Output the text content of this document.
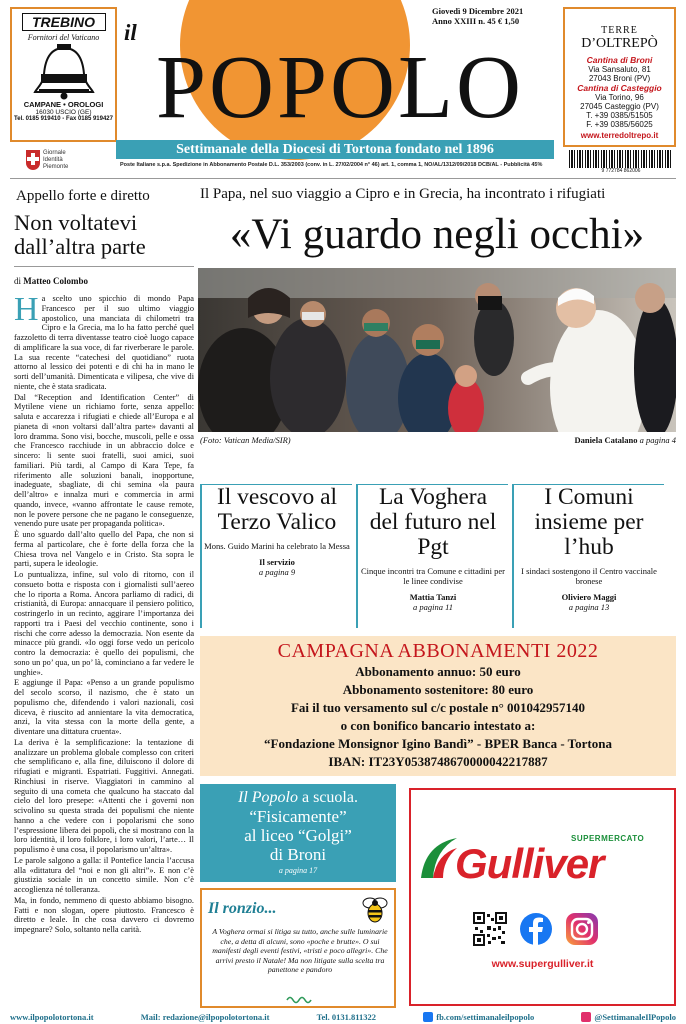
TREBINO
Fornitori del Vaticano
CAMPANE • OROLOGI
16030 USCIO (GE)
Tel. 0185 919410 - Fax 0185 919427
Giornale
Identità
Piemonte
il
POPOLO
Giovedì 9 Dicembre 2021
Anno XXIII n. 45 € 1,50
Settimanale della Diocesi di Tortona fondato nel 1896
Poste Italiane s.p.a. Spedizione in Abbonamento Postale D.L. 353/2003 (conv. in L. 27/02/2004 n° 46) art. 1, comma 1, NO/AL/1312/09/2018 DCB/AL - Pubblicità 45%
TERRE
D’OLTREPÒ
Cantina di Broni
Via Sansaluto, 81
27043 Broni (PV)
Cantina di Casteggio
Via Torino, 96
27045 Casteggio (PV)
T. +39 0385/51505
F. +39 0385/56025
www.terredoltrepo.it
9 772784 862006
Appello forte e diretto
Non voltatevi dall’altra parte
di Matteo Colombo
H a scelto uno spicchio di mondo Papa Francesco per il suo ultimo viaggio apostolico, una manciata di chilometri tra Cipro e la Grecia, ma lo ha fatto perché quel fazzoletto di terra diventasse teatro cioè luogo capace di amplificare la sua voce, di far riverberare le parole. La sua recente “catechesi del quotidiano” ruota attorno al lessico dei potenti e di chi ha in mano le sorti dell’umanità. Dimenticata e vilipesa, che vive di niente, che è stata sradicata.

Dal “Reception and Identification Center” di Mytilene viene un richiamo forte, senza appello: saluta e accarezza i rifugiati e chiede all’Europa e al pianeta di «non voltarsi dall’altra parte» davanti al loro dramma. Sono visi, bocche, muscoli, pelle e ossa che Francesco racchiude in un abbraccio dolce e sincero: li sente suoi fratelli, suoi amici, suoi familiari. Più tardi, al Campo di Kara Tepe, fa riferimento alle soluzioni banali, inopportune, inadeguate, sbagliate, di chi semina «la paura dell’altro» e innalza muri e commercia in armi quando, invece, «vanno affrontate le cause remote, non le povere persone che ne pagano le conseguenze, venendo pure usate per propaganda politica».

È uno sguardo dall’alto quello del Papa, che non si ferma al particolare, che è forte della forza che la Chiesa trova nel Vangelo e in Cristo. Sta sopra le parti, supera le ideologie.

Lo puntualizza, infine, sul volo di ritorno, con il consueto botta e risposta con i giornalisti sull’aereo che lo riporta a Roma. Ancora parliamo di radici, di cristianità, di Europa: annacquare il pensiero politico, costringerlo in un recinto, aggirare l’importanza dei rapporti tra i Paesi del vecchio continente, sono i rischi che corre adesso la democrazia. Non esente da minacce più grandi. «Io oggi forse vedo un pericolo contro la democrazia: è quello dei populismi, che sono un po’ qua, un po’ là, cominciano a far vedere le unghie».

E aggiunge il Papa: «Penso a un grande populismo del secolo scorso, il nazismo, che è stato un populismo che, difendendo i valori nazionali, così diceva, è riuscito ad annientare la vita democratica, anzi, la vita stessa con la morte della gente, a diventare una dittatura cruenta».

La deriva è la semplificazione: la tentazione di analizzare un problema globale complesso con criteri che semplificano e, alla fine, diluiscono il dolore di rifugiati e migranti. Espatriati. Fuggitivi. Annegati. Rinchiusi in riserve. Viaggiatori in cammino al seguito di una cometa che qualcuno ha staccato dal cielo del loro presepe: «Attenti che i governi non scivolino su questa strada dei populismi che niente hanno a che vedere con i popolarismi che sono l’espressione libera dei popoli, che si mostrano con la loro identità, il loro folklore, i loro valori, l’arte… Il populismo è una cosa, il popolarismo un’altra».

Le parole salgono a galla: il Pontefice lancia l’accusa alla «dittatura del “noi e non gli altri”». E non c’è giustizia sociale in un concetto simile. Non c’è accoglienza né tolleranza.

Ma, in fondo, nemmeno di questo abbiamo bisogno. Fatti e non slogan, opere piuttosto. Francesco è diretto e leale. In che cosa davvero ci dovremo impegnare? Solo, soltanto nella carità.

Il Papa, nel suo viaggio a Cipro e in Grecia, ha incontrato i rifugiati
«Vi guardo negli occhi»
(Foto: Vatican Media/SIR)	Daniela Catalano a pagina 4
Il vescovo al Terzo Valico
Mons. Guido Marini ha celebrato la Messa
Il servizio
a pagina 9
La Voghera del futuro nel Pgt
Cinque incontri tra Comune e cittadini per le linee condivise
Mattia Tanzi
a pagina 11
I Comuni insieme per l’hub
I sindaci sostengono il Centro vaccinale bronese
Oliviero Maggi
a pagina 13
CAMPAGNA ABBONAMENTI 2022
Abbonamento annuo: 50 euro
Abbonamento sostenitore: 80 euro
Fai il tuo versamento sul c/c postale n° 001042957140
o con bonifico bancario intestato a:
“Fondazione Monsignor Igino Bandì” - BPER Banca - Tortona
IBAN: IT23Y0538748670000042217887
Il Popolo a scuola.
“Fisicamente”
al liceo “Golgi”
di Broni
a pagina 17
Il ronzio...
A Voghera ormai si litiga su tutto, anche sulle luminarie che, a detta di alcuni, sono «poche e brutte». O sui manifesti degli eventi festivi, «tristi e poco allegri». Che arrivi presto il Natale! Ma non litigate sulla scelta tra panettone e pandoro
SUPERMERCATO
Gulliver
www.supergulliver.it
www.ilpopolotortona.it	Mail: redazione@ilpopolotortona.it	Tel. 0131.811322	fb.com/settimanaleilpopolo	@SettimanaleIlPopolo
